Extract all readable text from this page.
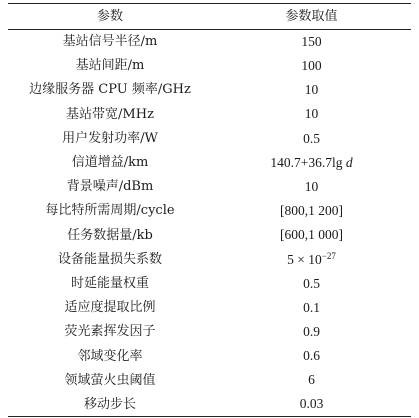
参数	参数取值
基站信号半径/m	150
基站间距/m	100
边缘服务器 CPU 频率/GHz	10
基站带宽/MHz	10
用户发射功率/W	0.5
信道增益/km	140.7+36.7lg d
背景噪声/dBm	10
每比特所需周期/cycle	[800,1 200]
任务数据量/kb	[600,1 000]
设备能量损失系数	$5 \times 10^{-27}$
时延能量权重	0.5
适应度提取比例	0.1
荧光素挥发因子	0.9
邻域变化率	0.6
领域萤火虫阈值	6
移动步长	0.03
